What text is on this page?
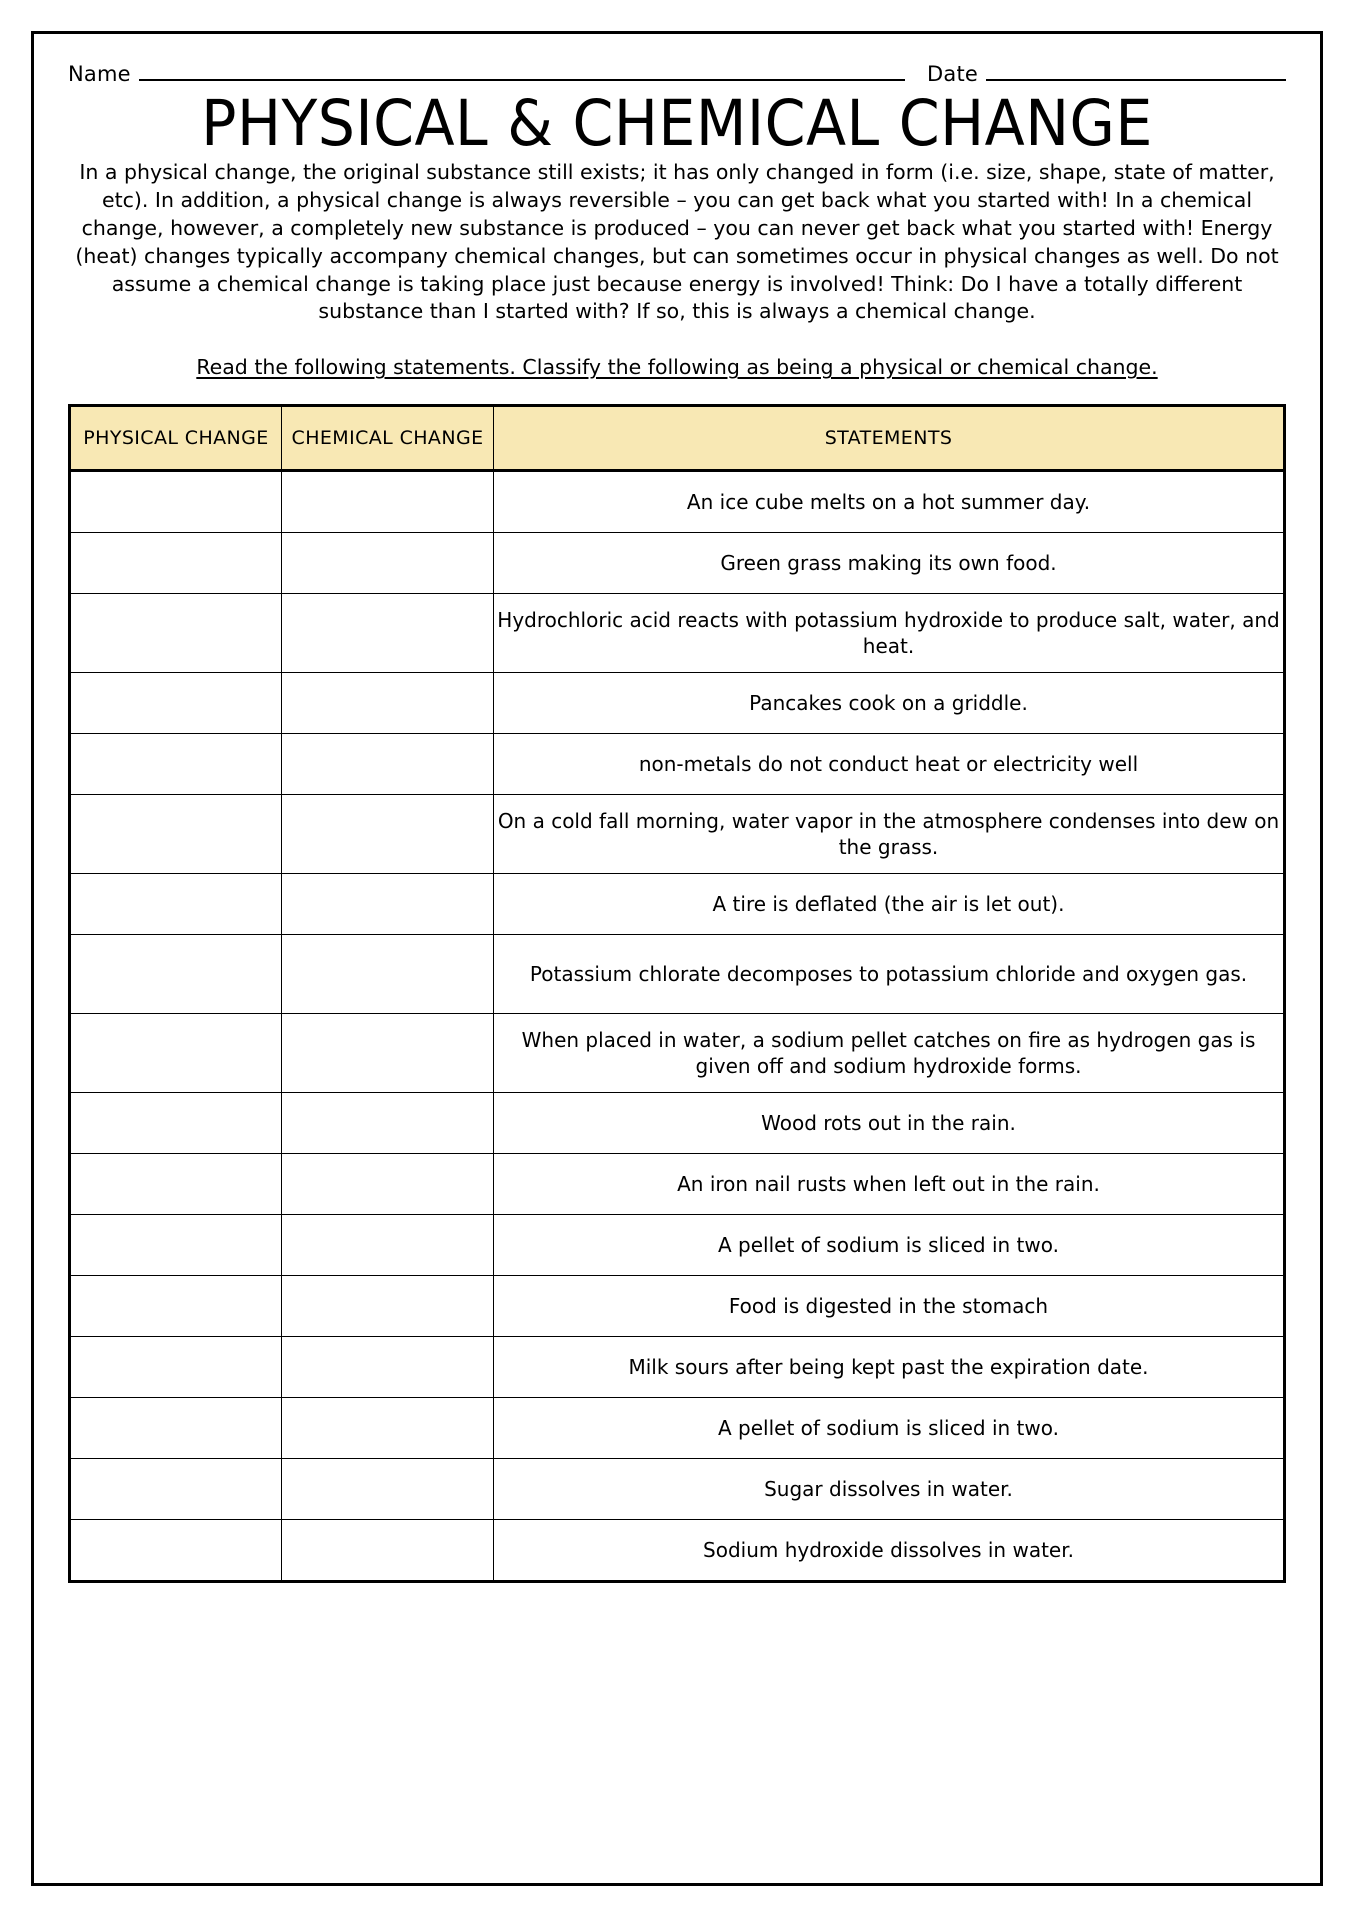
Name	Date
PHYSICAL & CHEMICAL CHANGE
In a physical change, the original substance still exists; it has only changed in form (i.e. size, shape, state of matter, etc). In addition, a physical change is always reversible – you can get back what you started with! In a chemical change, however, a completely new substance is produced – you can never get back what you started with! Energy (heat) changes typically accompany chemical changes, but can sometimes occur in physical changes as well. Do not assume a chemical change is taking place just because energy is involved! Think: Do I have a totally different substance than I started with? If so, this is always a chemical change.
Read the following statements. Classify the following as being a physical or chemical change.
PHYSICAL CHANGE	CHEMICAL CHANGE	STATEMENTS
		An ice cube melts on a hot summer day.
		Green grass making its own food.
		Hydrochloric acid reacts with potassium hydroxide to produce salt, water, and heat.
		Pancakes cook on a griddle.
		non-metals do not conduct heat or electricity well
		On a cold fall morning, water vapor in the atmosphere condenses into dew on the grass.
		A tire is deflated (the air is let out).
		Potassium chlorate decomposes to potassium chloride and oxygen gas.
		When placed in water, a sodium pellet catches on fire as hydrogen gas is given off and sodium hydroxide forms.
		Wood rots out in the rain.
		An iron nail rusts when left out in the rain.
		A pellet of sodium is sliced in two.
		Food is digested in the stomach
		Milk sours after being kept past the expiration date.
		A pellet of sodium is sliced in two.
		Sugar dissolves in water.
		Sodium hydroxide dissolves in water.
